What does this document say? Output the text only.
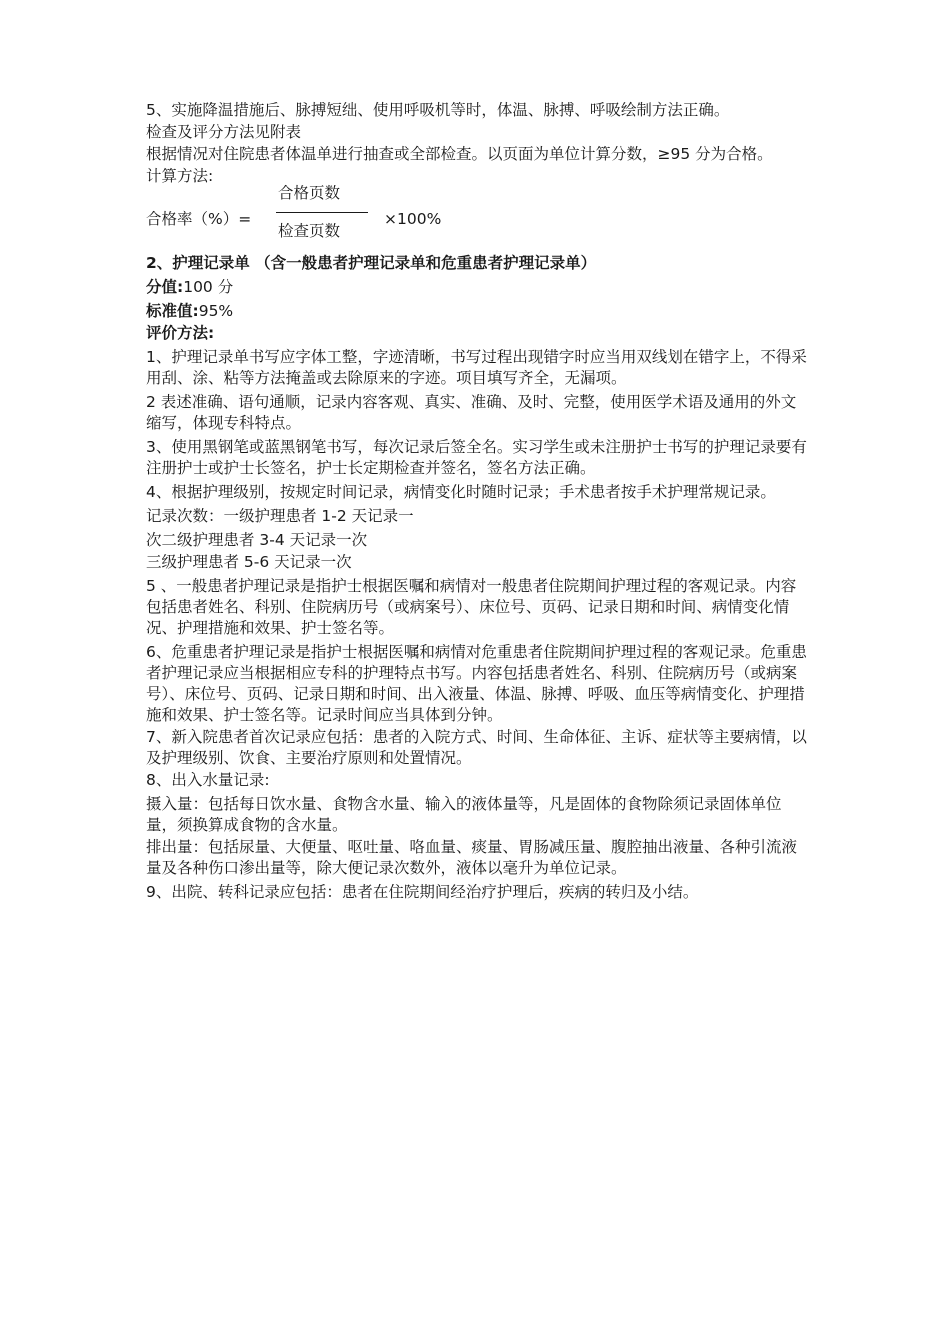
5、实施降温措施后、脉搏短绌、使用呼吸机等时，体温、脉搏、呼吸绘制方法正确。

检查及评分方法见附表

根据情况对住院患者体温单进行抽查或全部检查。以页面为单位计算分数，≥95 分为合格。

计算方法:

合格率（%）=
合格页数
检查页数
×100%

2、护理记录单 （含一般患者护理记录单和危重患者护理记录单）

分值:100 分

标准值:95%

评价方法:

1、护理记录单书写应字体工整，字迹清晰，书写过程出现错字时应当用双线划在错字上，不得采用刮、涂、粘等方法掩盖或去除原来的字迹。项目填写齐全，无漏项。

2 表述准确、语句通顺，记录内容客观、真实、准确、及时、完整，使用医学术语及通用的外文缩写，体现专科特点。

3、使用黑钢笔或蓝黑钢笔书写，每次记录后签全名。实习学生或未注册护士书写的护理记录要有注册护士或护士长签名，护士长定期检查并签名，签名方法正确。

4、根据护理级别，按规定时间记录，病情变化时随时记录；手术患者按手术护理常规记录。

记录次数：一级护理患者 1-2 天记录一

次二级护理患者 3-4 天记录一次

三级护理患者 5-6 天记录一次

5 、一般患者护理记录是指护士根据医嘱和病情对一般患者住院期间护理过程的客观记录。内容包括患者姓名、科别、住院病历号（或病案号）、床位号、页码、记录日期和时间、病情变化情况、护理措施和效果、护士签名等。

6、危重患者护理记录是指护士根据医嘱和病情对危重患者住院期间护理过程的客观记录。危重患者护理记录应当根据相应专科的护理特点书写。内容包括患者姓名、科别、住院病历号（或病案号）、床位号、页码、记录日期和时间、出入液量、体温、脉搏、呼吸、血压等病情变化、护理措施和效果、护士签名等。记录时间应当具体到分钟。

7、新入院患者首次记录应包括：患者的入院方式、时间、生命体征、主诉、症状等主要病情，以及护理级别、饮食、主要治疗原则和处置情况。

8、出入水量记录:

摄入量：包括每日饮水量、食物含水量、输入的液体量等，凡是固体的食物除须记录固体单位量，须换算成食物的含水量。

排出量：包括尿量、大便量、呕吐量、咯血量、痰量、胃肠减压量、腹腔抽出液量、各种引流液量及各种伤口渗出量等，除大便记录次数外，液体以毫升为单位记录。

9、出院、转科记录应包括：患者在住院期间经治疗护理后，疾病的转归及小结。
